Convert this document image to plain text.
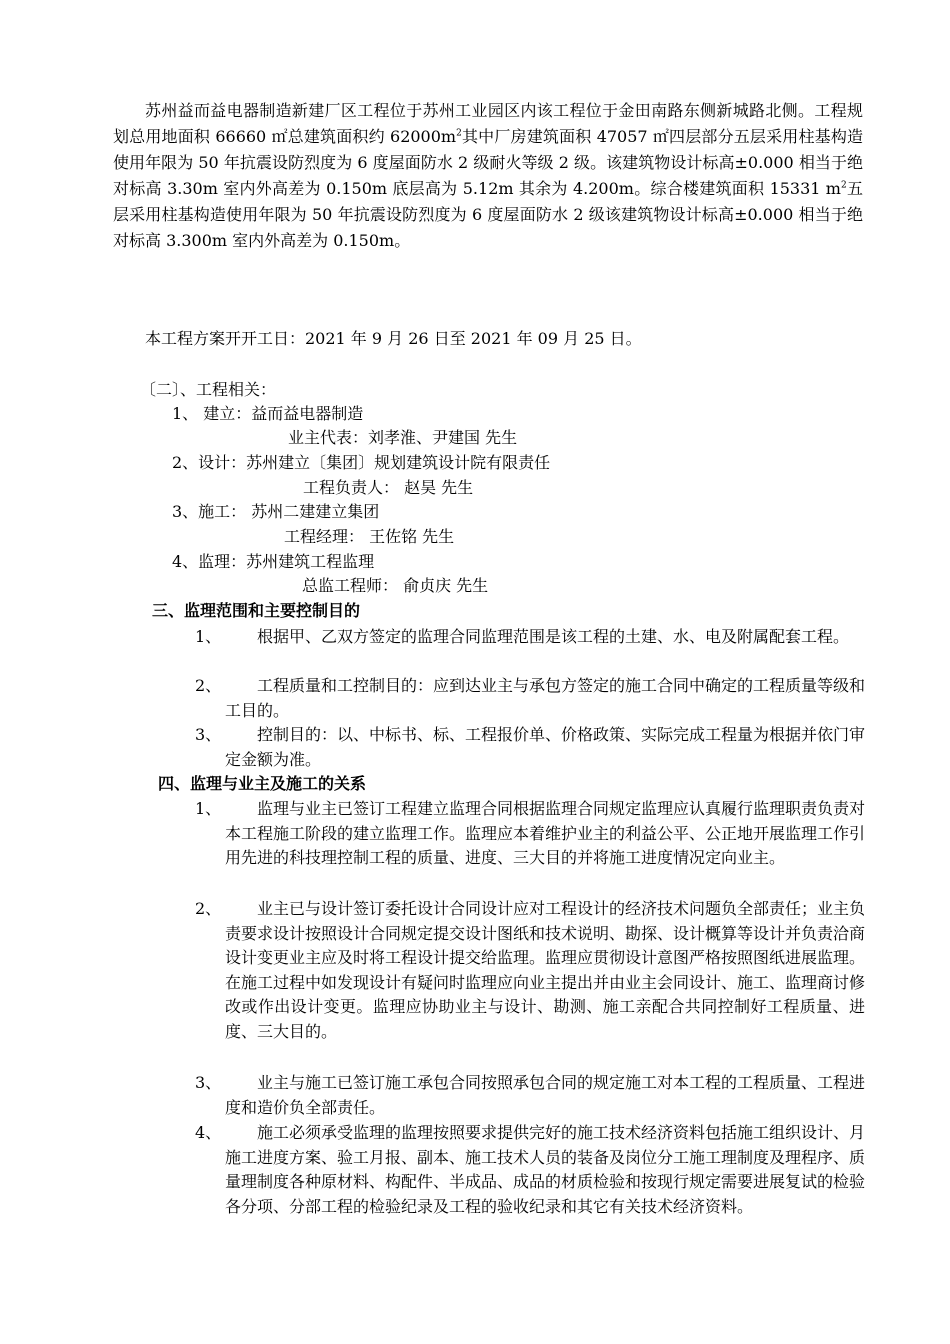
苏州益而益电器制造新建厂区工程位于苏州工业园区内该工程位于金田南路东侧新城路北侧。工程规划总用地面积 66660 ㎡总建筑面积约 $62000m^2$其中厂房建筑面积 47057 ㎡四层部分五层采用柱基构造使用年限为 50 年抗震设防烈度为 6 度屋面防水 2 级耐火等级 2 级。该建筑物设计标高±0.000 相当于绝对标高 3.30m 室内外高差为 0.150m 底层高为 5.12m 其余为 4.200m。综合楼建筑面积 15331 $m^2$五层采用柱基构造使用年限为 50 年抗震设防烈度为 6 度屋面防水 2 级该建筑物设计标高±0.000 相当于绝对标高 3.300m 室内外高差为 0.150m。

本工程方案开开工日：2021 年 9 月 26 日至 2021 年 09 月 25 日。

〔二〕、工程相关：

1、 建立：益而益电器制造

业主代表：刘孝淮、尹建国 先生

2、设计：苏州建立〔集团〕规划建筑设计院有限责任

工程负责人： 赵昊 先生

3、施工： 苏州二建建立集团

工程经理： 王佐铭 先生

4、监理：苏州建筑工程监理

总监工程师： 俞贞庆 先生

三、监理范围和主要控制目的

1、	根据甲、乙双方签定的监理合同监理范围是该工程的土建、水、电及附属配套工程。

2、	工程质量和工控制目的：应到达业主与承包方签定的施工合同中确定的工程质量等级和工目的。

3、	控制目的：以、中标书、标、工程报价单、价格政策、实际完成工程量为根据并依门审定金额为准。

四、监理与业主及施工的关系

1、	监理与业主已签订工程建立监理合同根据监理合同规定监理应认真履行监理职责负责对本工程施工阶段的建立监理工作。监理应本着维护业主的利益公平、公正地开展监理工作引用先进的科技理控制工程的质量、进度、三大目的并将施工进度情况定向业主。

2、	业主已与设计签订委托设计合同设计应对工程设计的经济技术问题负全部责任；业主负责要求设计按照设计合同规定提交设计图纸和技术说明、勘探、设计概算等设计并负责洽商设计变更业主应及时将工程设计提交给监理。监理应贯彻设计意图严格按照图纸进展监理。在施工过程中如发现设计有疑问时监理应向业主提出并由业主会同设计、施工、监理商讨修改或作出设计变更。监理应协助业主与设计、勘测、施工亲配合共同控制好工程质量、进度、三大目的。

3、	业主与施工已签订施工承包合同按照承包合同的规定施工对本工程的工程质量、工程进度和造价负全部责任。

4、	施工必须承受监理的监理按照要求提供完好的施工技术经济资料包括施工组织设计、月施工进度方案、验工月报、副本、施工技术人员的装备及岗位分工施工理制度及理程序、质量理制度各种原材料、构配件、半成品、成品的材质检验和按现行规定需要进展复试的检验各分项、分部工程的检验纪录及工程的验收纪录和其它有关技术经济资料。
